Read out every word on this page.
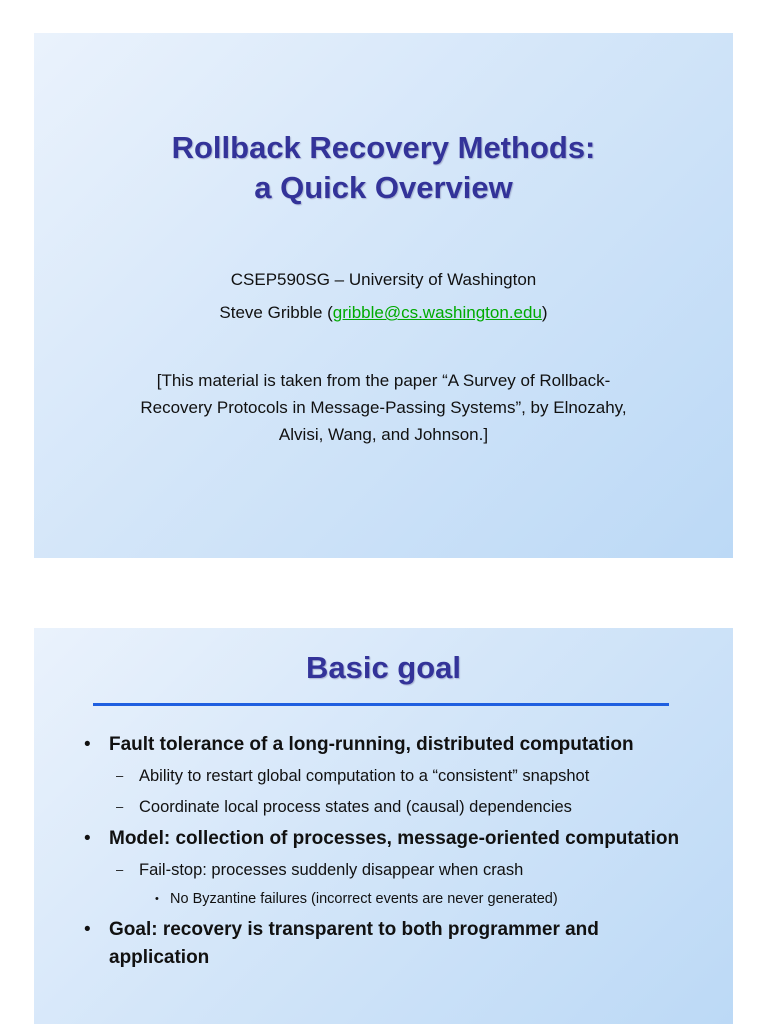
Rollback Recovery Methods:
a Quick Overview
CSEP590SG – University of Washington
Steve Gribble (gribble@cs.washington.edu)
[This material is taken from the paper “A Survey of Rollback-
Recovery Protocols in Message-Passing Systems”, by Elnozahy,
Alvisi, Wang, and Johnson.]
Basic goal
• Fault tolerance of a long-running, distributed computation
– Ability to restart global computation to a “consistent” snapshot
– Coordinate local process states and (causal) dependencies
• Model: collection of processes, message-oriented computation
– Fail-stop: processes suddenly disappear when crash
• No Byzantine failures (incorrect events are never generated)
• Goal: recovery is transparent to both programmer and application
